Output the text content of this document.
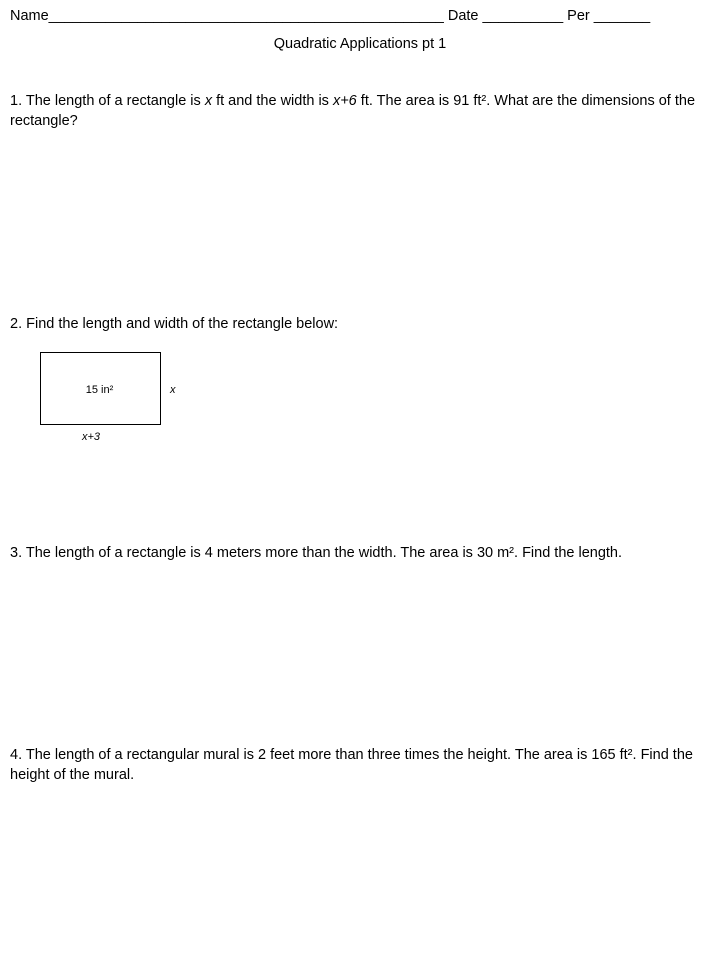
Name_________________________________________________ Date __________ Per _______
Quadratic Applications pt 1
1. The length of a rectangle is x ft and the width is x+6 ft. The area is 91 ft². What are the dimensions of the rectangle?
2. Find the length and width of the rectangle below:
15 in²	x
x+3
3. The length of a rectangle is 4 meters more than the width. The area is 30 m². Find the length.
4. The length of a rectangular mural is 2 feet more than three times the height. The area is 165 ft². Find the height of the mural.
